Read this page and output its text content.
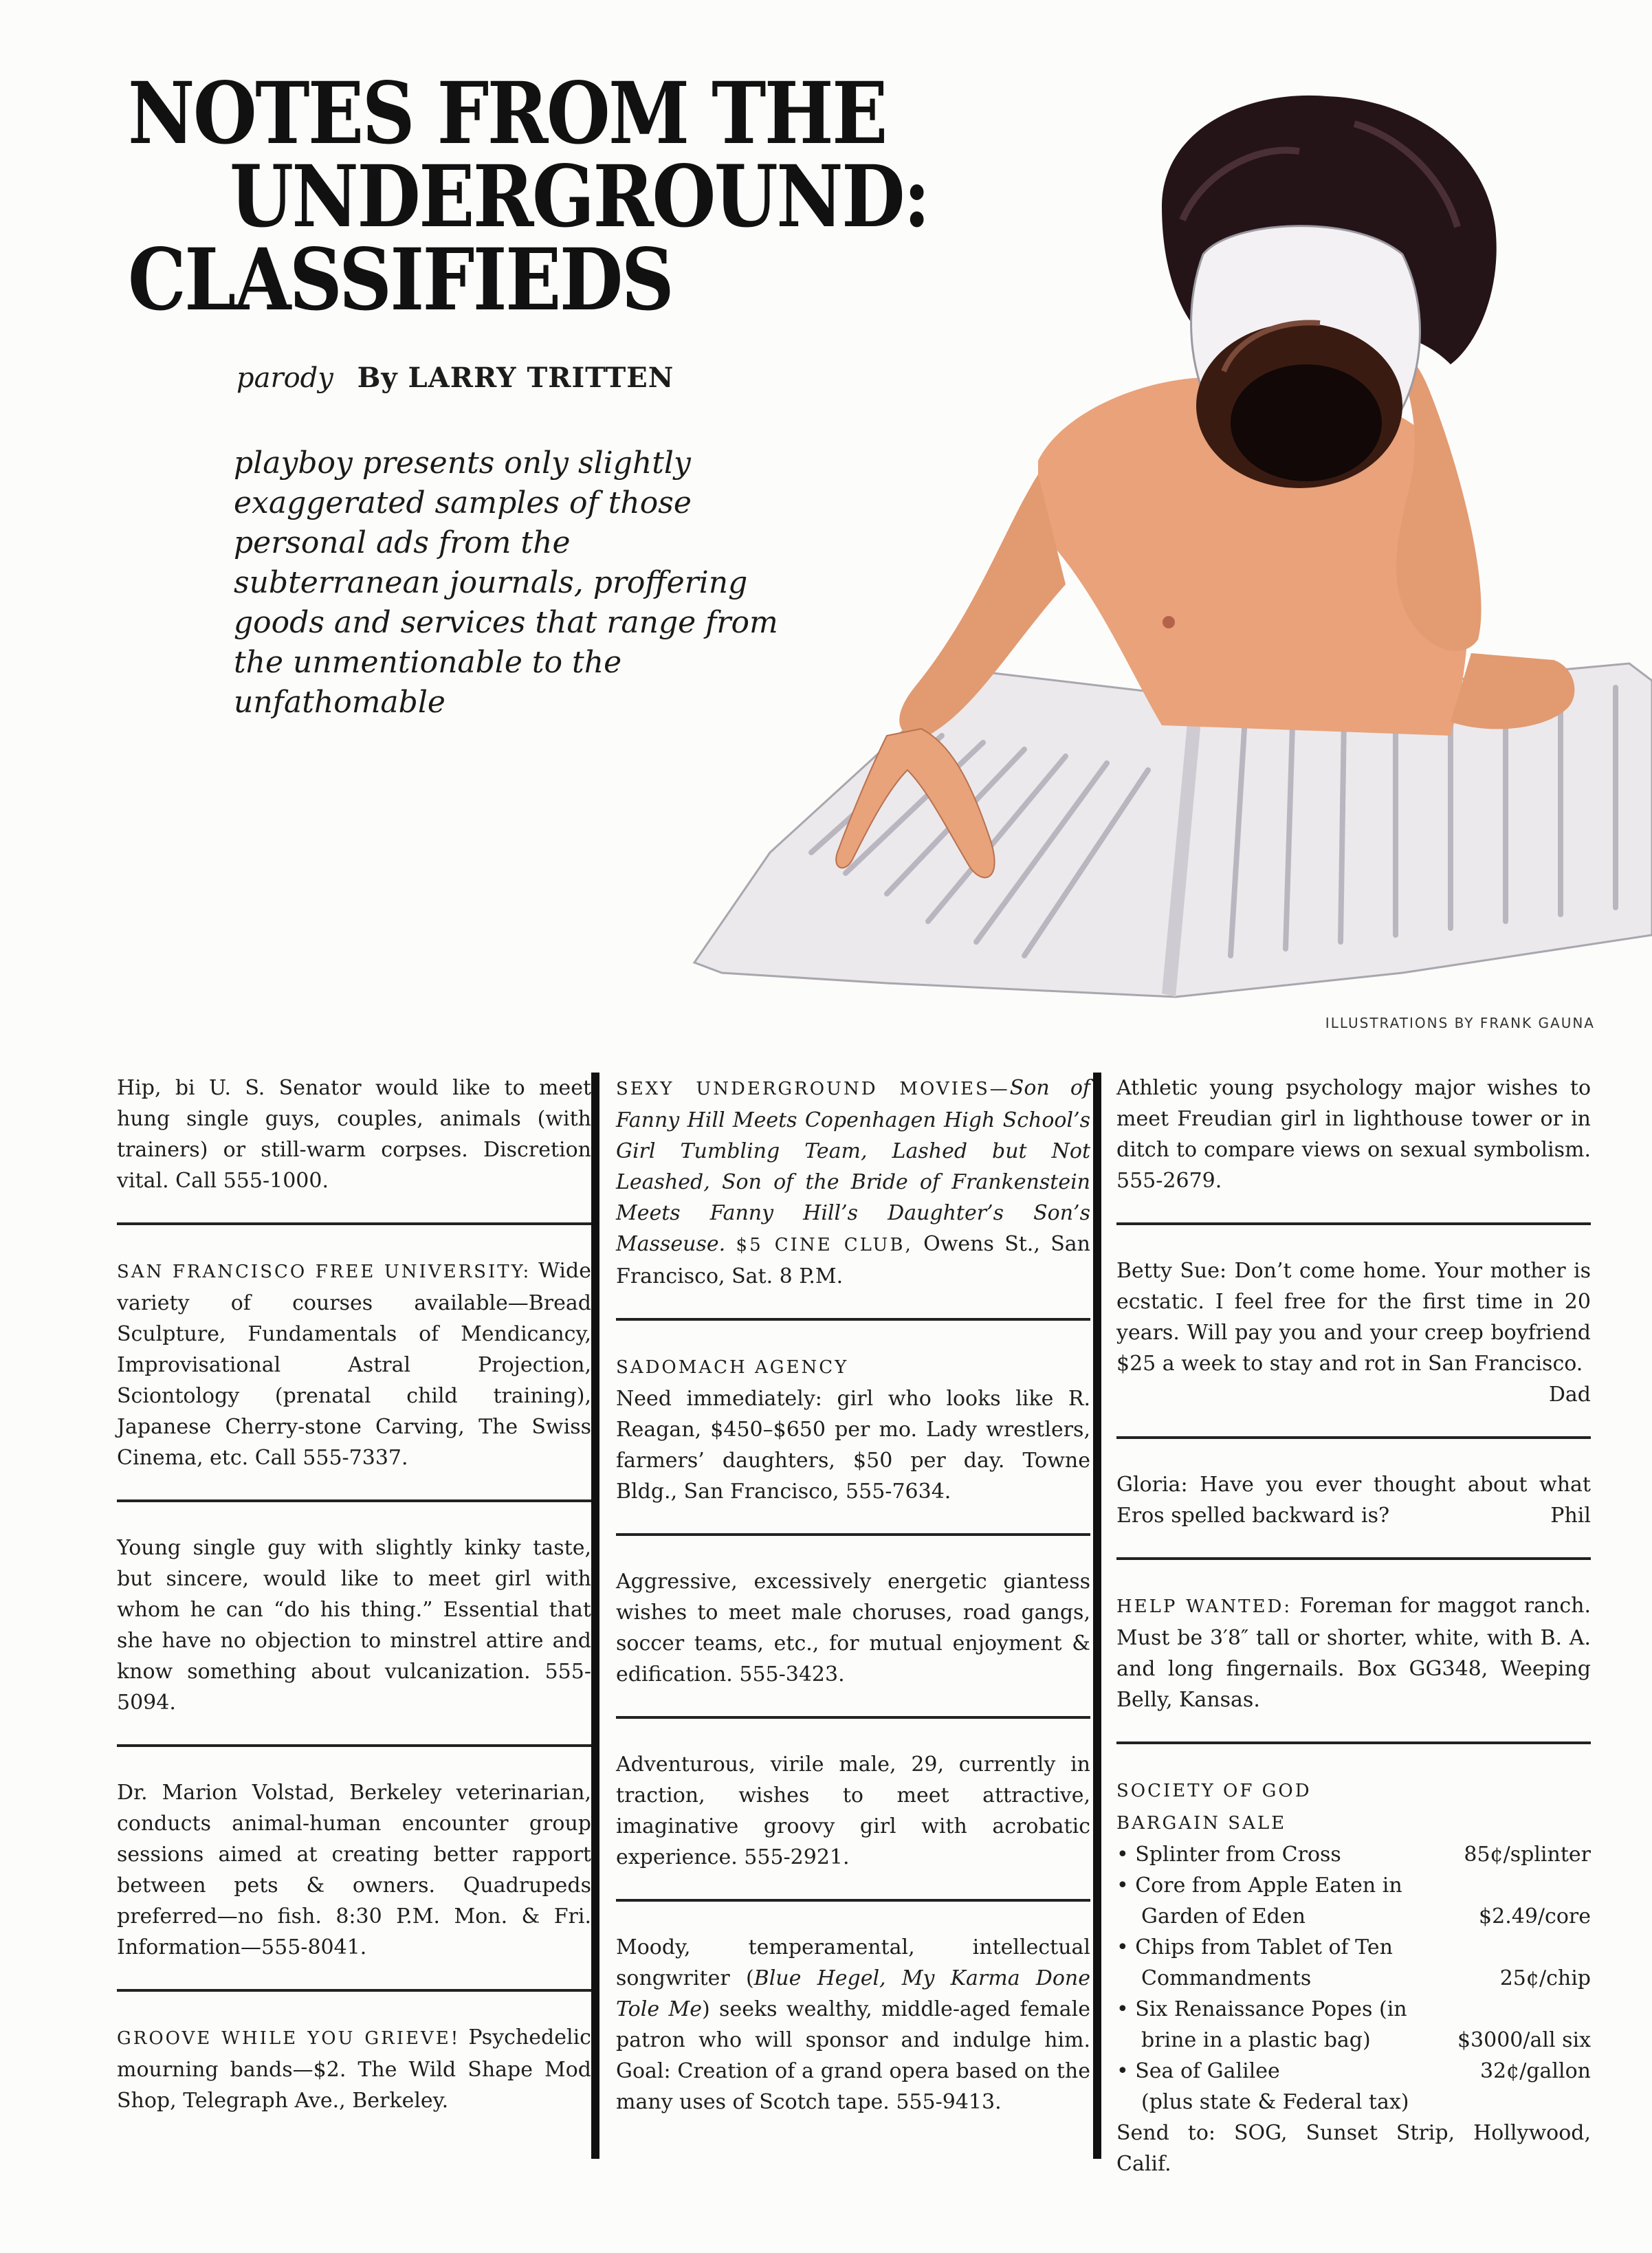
NOTES FROM THE
UNDERGROUND:
CLASSIFIEDS
parody By LARRY TRITTEN
playboy presents only slightly exaggerated samples of those personal ads from the subterranean journals, proffering goods and services that range from the unmentionable to the unfathomable
ILLUSTRATIONS BY FRANK GAUNA

Hip, bi U. S. Senator would like to meet hung single guys, couples, animals (with trainers) or still-warm corpses. Discretion vital. Call 555-1000.

SAN FRANCISCO FREE UNIVERSITY: Wide variety of courses available—Bread Sculpture, Fundamentals of Mendicancy, Improvisational Astral Projection, Sciontology (prenatal child training), Japanese Cherry-stone Carving, The Swiss Cinema, etc. Call 555-7337.

Young single guy with slightly kinky taste, but sincere, would like to meet girl with whom he can “do his thing.” Essential that she have no objection to minstrel attire and know something about vulcanization. 555-5094.

Dr. Marion Volstad, Berkeley veterinarian, conducts animal-human encounter group sessions aimed at creating better rapport between pets & owners. Quadrupeds preferred—no fish. 8:30 P.M. Mon. & Fri. Information—555-8041.

GROOVE WHILE YOU GRIEVE! Psychedelic mourning bands—$2. The Wild Shape Mod Shop, Telegraph Ave., Berkeley.

SEXY UNDERGROUND MOVIES—Son of Fanny Hill Meets Copenhagen High School’s Girl Tumbling Team, Lashed but Not Leashed, Son of the Bride of Frankenstein Meets Fanny Hill’s Daughter’s Son’s Masseuse. $5 CINE CLUB, Owens St., San Francisco, Sat. 8 P.M.

SADOMACH AGENCY

Need immediately: girl who looks like R. Reagan, $450–$650 per mo. Lady wrestlers, farmers’ daughters, $50 per day. Towne Bldg., San Francisco, 555-7634.

Aggressive, excessively energetic giantess wishes to meet male choruses, road gangs, soccer teams, etc., for mutual enjoyment & edification. 555-3423.

Adventurous, virile male, 29, currently in traction, wishes to meet attractive, imaginative groovy girl with acrobatic experience. 555-2921.

Moody, temperamental, intellectual songwriter (Blue Hegel, My Karma Done Tole Me) seeks wealthy, middle-aged female patron who will sponsor and indulge him. Goal: Creation of a grand opera based on the many uses of Scotch tape. 555-9413.

Athletic young psychology major wishes to meet Freudian girl in lighthouse tower or in ditch to compare views on sexual symbolism. 555-2679.

Betty Sue: Don’t come home. Your mother is ecstatic. I feel free for the first time in 20 years. Will pay you and your creep boyfriend $25 a week to stay and rot in San Francisco.

Dad

Gloria: Have you ever thought about what Eros spelled backward is?	Phil

HELP WANTED: Foreman for maggot ranch. Must be 3′8″ tall or shorter, white, with B. A. and long fingernails. Box GG348, Weeping Belly, Kansas.

SOCIETY OF GOD

BARGAIN SALE

• Splinter from Cross	85¢/splinter

• Core from Apple Eaten in

Garden of Eden	$2.49/core

• Chips from Tablet of Ten

Commandments	25¢/chip

• Six Renaissance Popes (in

brine in a plastic bag)	$3000/all six

• Sea of Galilee	32¢/gallon

(plus state & Federal tax)

Send to: SOG, Sunset Strip, Hollywood, Calif.
